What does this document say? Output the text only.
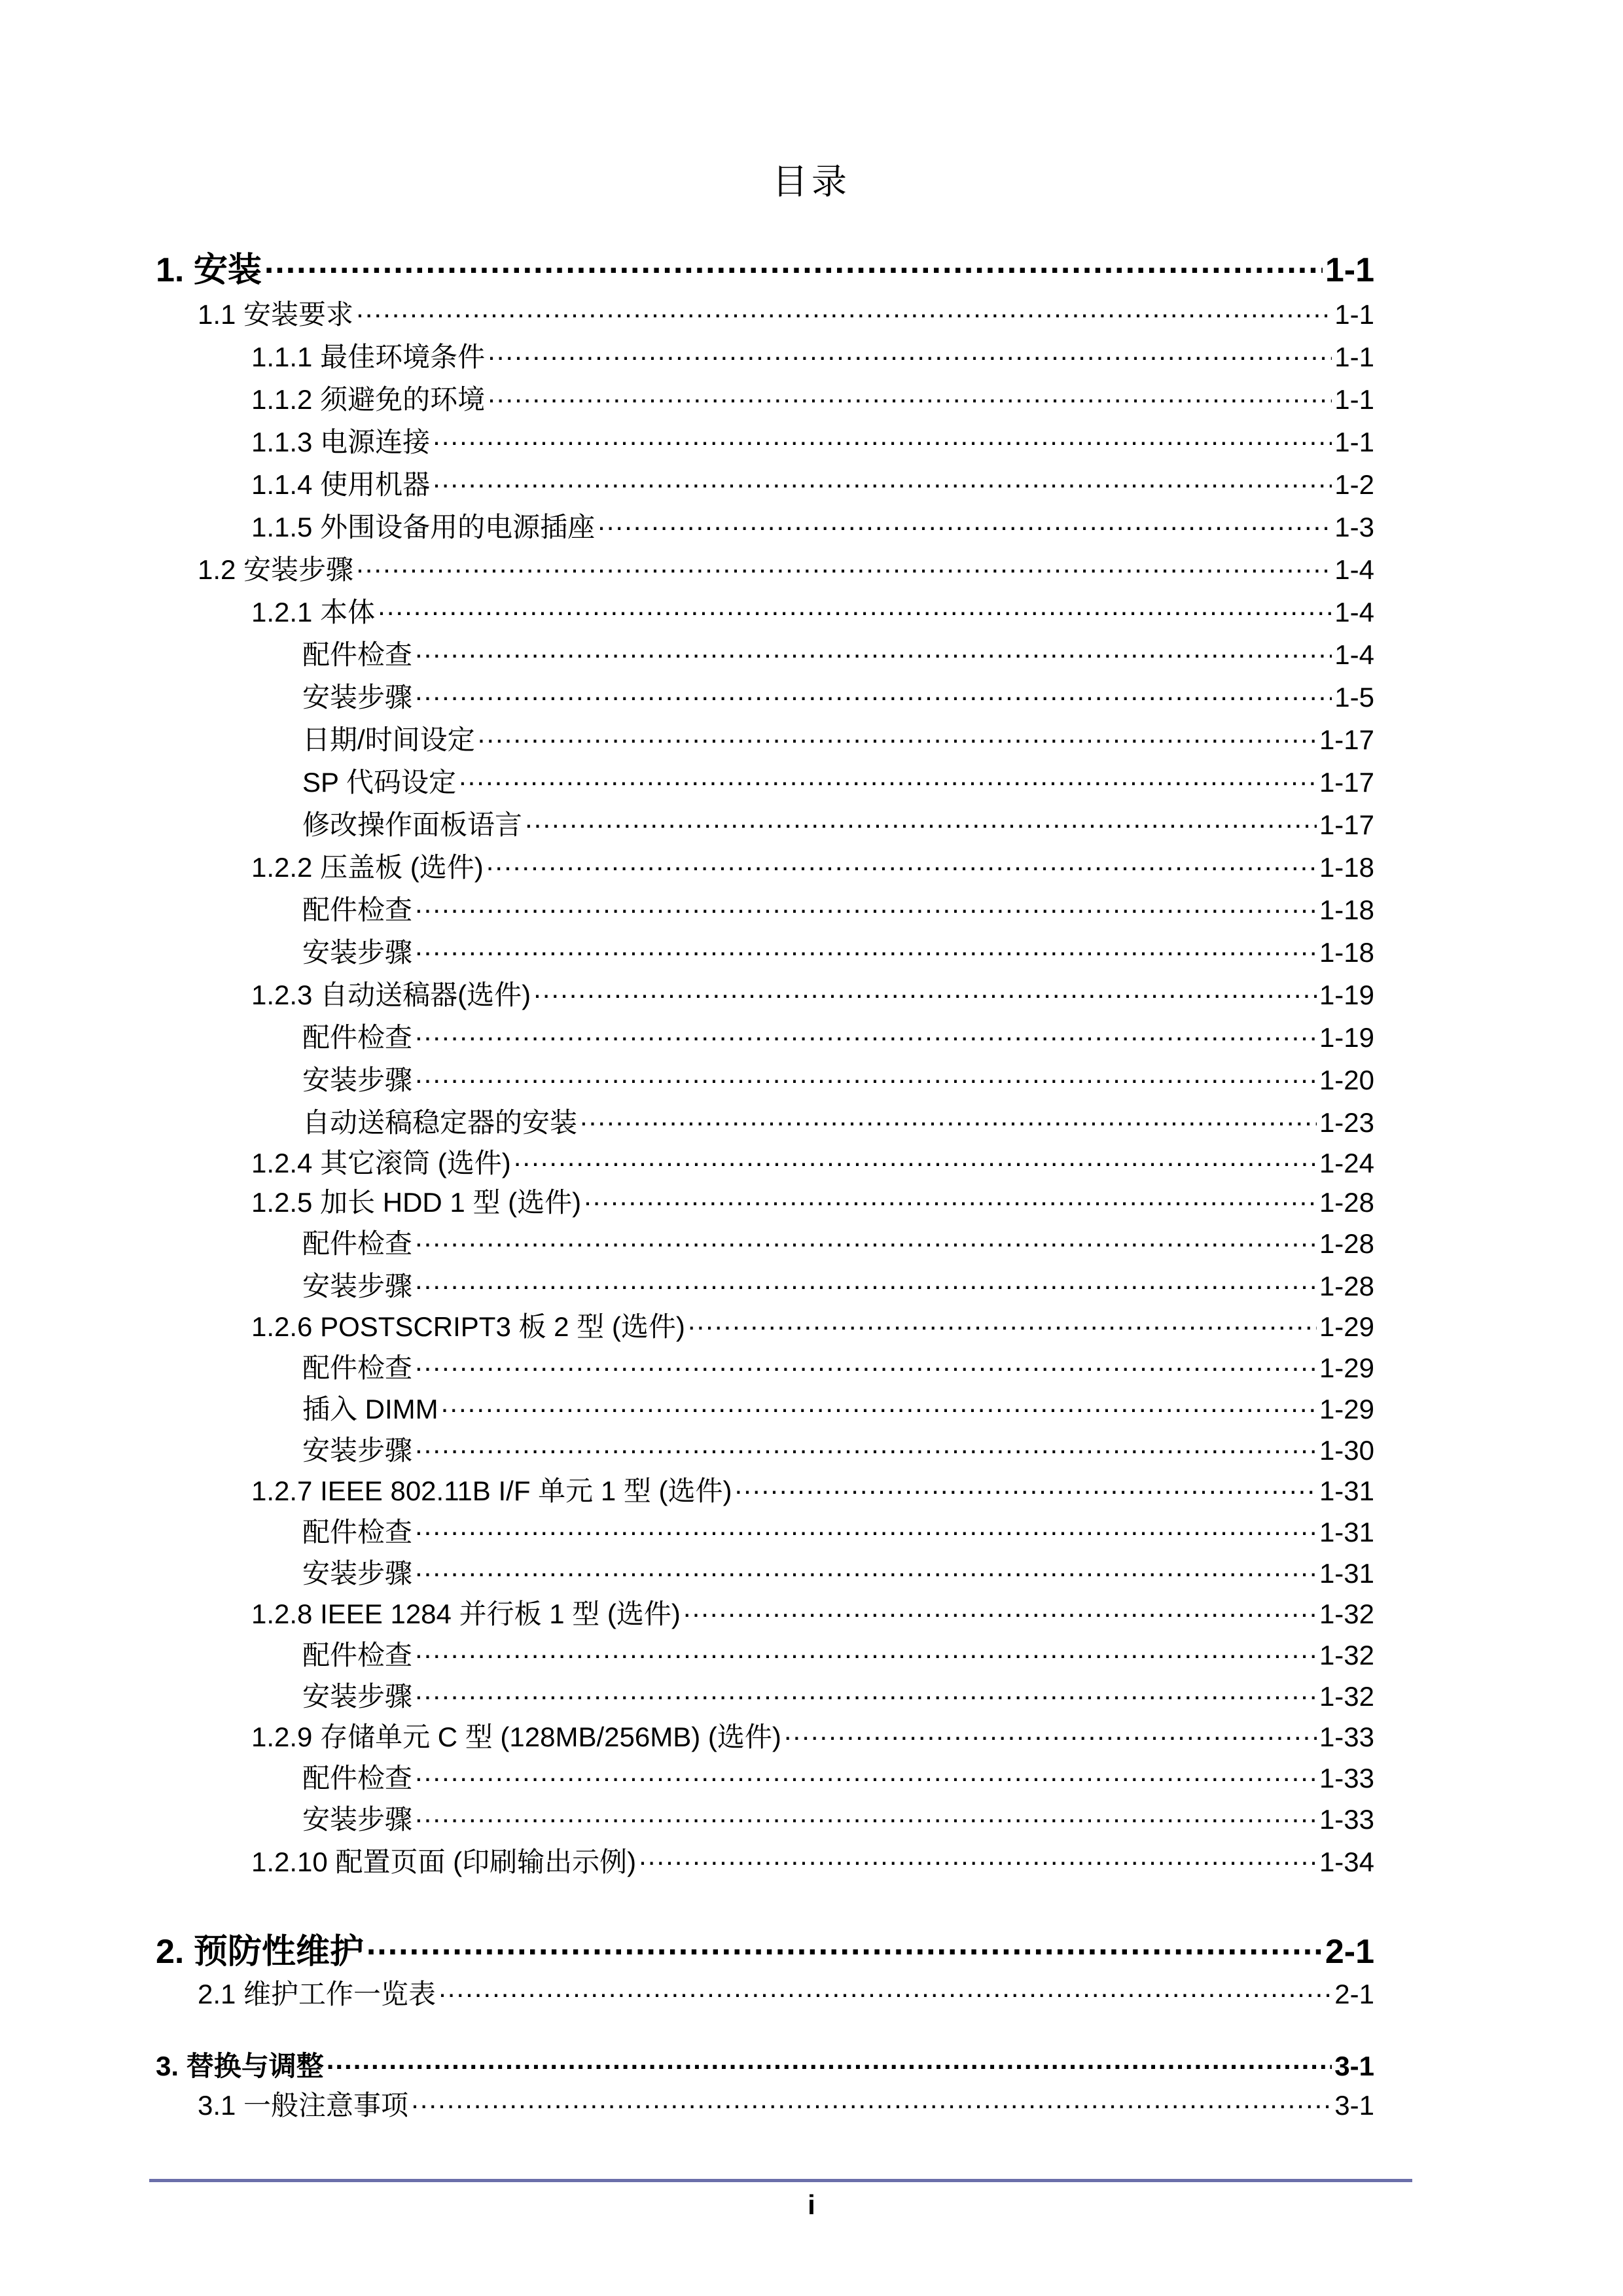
目录
1. 安装 .....	1-1
1.1 安装要求 .....	1-1
1.1.1 最佳环境条件 .....	1-1
1.1.2 须避免的环境 .....	1-1
1.1.3 电源连接 .....	1-1
1.1.4 使用机器 .....	1-2
1.1.5 外围设备用的电源插座 .....	1-3
1.2 安装步骤 .....	1-4
1.2.1 本体 .....	1-4
配件检查 .....	1-4
安装步骤 .....	1-5
日期/时间设定 .....	1-17
SP 代码设定 .....	1-17
修改操作面板语言 .....	1-17
1.2.2 压盖板 (选件) .....	1-18
配件检查 .....	1-18
安装步骤 .....	1-18
1.2.3 自动送稿器(选件) .....	1-19
配件检查 .....	1-19
安装步骤 .....	1-20
自动送稿稳定器的安装 .....	1-23
1.2.4 其它滚筒 (选件) .....	1-24
1.2.5 加长 HDD 1 型 (选件) .....	1-28
配件检查 .....	1-28
安装步骤 .....	1-28
1.2.6 POSTSCRIPT3 板 2 型 (选件) .....	1-29
配件检查 .....	1-29
插入 DIMM .....	1-29
安装步骤 .....	1-30
1.2.7 IEEE 802.11B I/F 单元 1 型 (选件) .....	1-31
配件检查 .....	1-31
安装步骤 .....	1-31
1.2.8 IEEE 1284 并行板 1 型 (选件) .....	1-32
配件检查 .....	1-32
安装步骤 .....	1-32
1.2.9 存储单元 C 型 (128MB/256MB) (选件) .....	1-33
配件检查 .....	1-33
安装步骤 .....	1-33
1.2.10 配置页面 (印刷输出示例) .....	1-34
2. 预防性维护 .....	2-1
2.1 维护工作一览表 .....	2-1
3. 替换与调整 .....	3-1
3.1 一般注意事项 .....	3-1
i
